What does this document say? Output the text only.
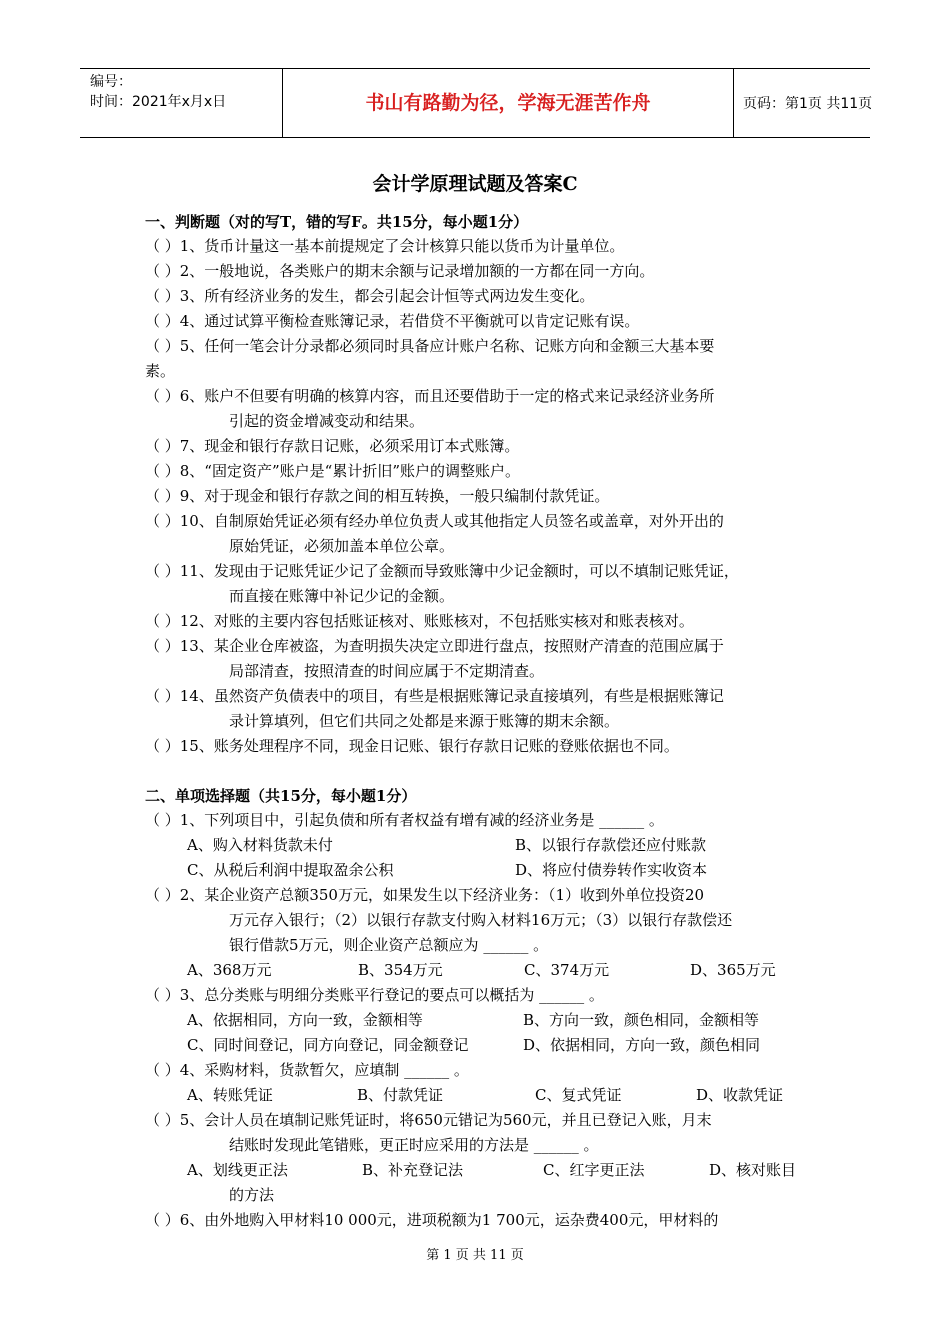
编号：
时间：2021年x月x日	书山有路勤为径，学海无涯苦作舟	页码：第1页 共11页
会计学原理试题及答案C
一、判断题（对的写T，错的写F。共15分，每小题1分）
（ ）1、货币计量这一基本前提规定了会计核算只能以货币为计量单位。
（ ）2、一般地说，各类账户的期末余额与记录增加额的一方都在同一方向。
（ ）3、所有经济业务的发生，都会引起会计恒等式两边发生变化。
（ ）4、通过试算平衡检查账簿记录，若借贷不平衡就可以肯定记账有误。
（ ）5、任何一笔会计分录都必须同时具备应计账户名称、记账方向和金额三大基本要
素。
（ ）6、账户不但要有明确的核算内容，而且还要借助于一定的格式来记录经济业务所
引起的资金增减变动和结果。
（ ）7、现金和银行存款日记账，必须采用订本式账簿。
（ ）8、“固定资产”账户是“累计折旧”账户的调整账户。
（ ）9、对于现金和银行存款之间的相互转换，一般只编制付款凭证。
（ ）10、自制原始凭证必须有经办单位负责人或其他指定人员签名或盖章，对外开出的
原始凭证，必须加盖本单位公章。
（ ）11、发现由于记账凭证少记了金额而导致账簿中少记金额时，可以不填制记账凭证，
而直接在账簿中补记少记的金额。
（ ）12、对账的主要内容包括账证核对、账账核对，不包括账实核对和账表核对。
（ ）13、某企业仓库被盗，为查明损失决定立即进行盘点，按照财产清查的范围应属于
局部清查，按照清查的时间应属于不定期清查。
（ ）14、虽然资产负债表中的项目，有些是根据账簿记录直接填列，有些是根据账簿记
录计算填列，但它们共同之处都是来源于账簿的期末余额。
（ ）15、账务处理程序不同，现金日记账、银行存款日记账的登账依据也不同。
二、单项选择题（共15分，每小题1分）
（ ）1、下列项目中，引起负债和所有者权益有增有减的经济业务是 ______ 。
A、购入材料货款未付	B、以银行存款偿还应付账款
C、从税后利润中提取盈余公积	D、将应付债券转作实收资本
（ ）2、某企业资产总额350万元，如果发生以下经济业务：（1）收到外单位投资20
万元存入银行；（2）以银行存款支付购入材料16万元；（3）以银行存款偿还
银行借款5万元，则企业资产总额应为 ______ 。
A、368万元	B、354万元	C、374万元	D、365万元
（ ）3、总分类账与明细分类账平行登记的要点可以概括为 ______ 。
A、依据相同，方向一致，金额相等	B、方向一致，颜色相同，金额相等
C、同时间登记，同方向登记，同金额登记	D、依据相同，方向一致，颜色相同
（ ）4、采购材料，货款暂欠，应填制 ______ 。
A、转账凭证	B、付款凭证	C、复式凭证	D、收款凭证
（ ）5、会计人员在填制记账凭证时，将650元错记为560元，并且已登记入账，月末
结账时发现此笔错账，更正时应采用的方法是 ______ 。
A、划线更正法	B、补充登记法	C、红字更正法	D、核对账目
的方法
（ ）6、由外地购入甲材料10 000元，进项税额为1 700元，运杂费400元，甲材料的
第 1 页 共 11 页
